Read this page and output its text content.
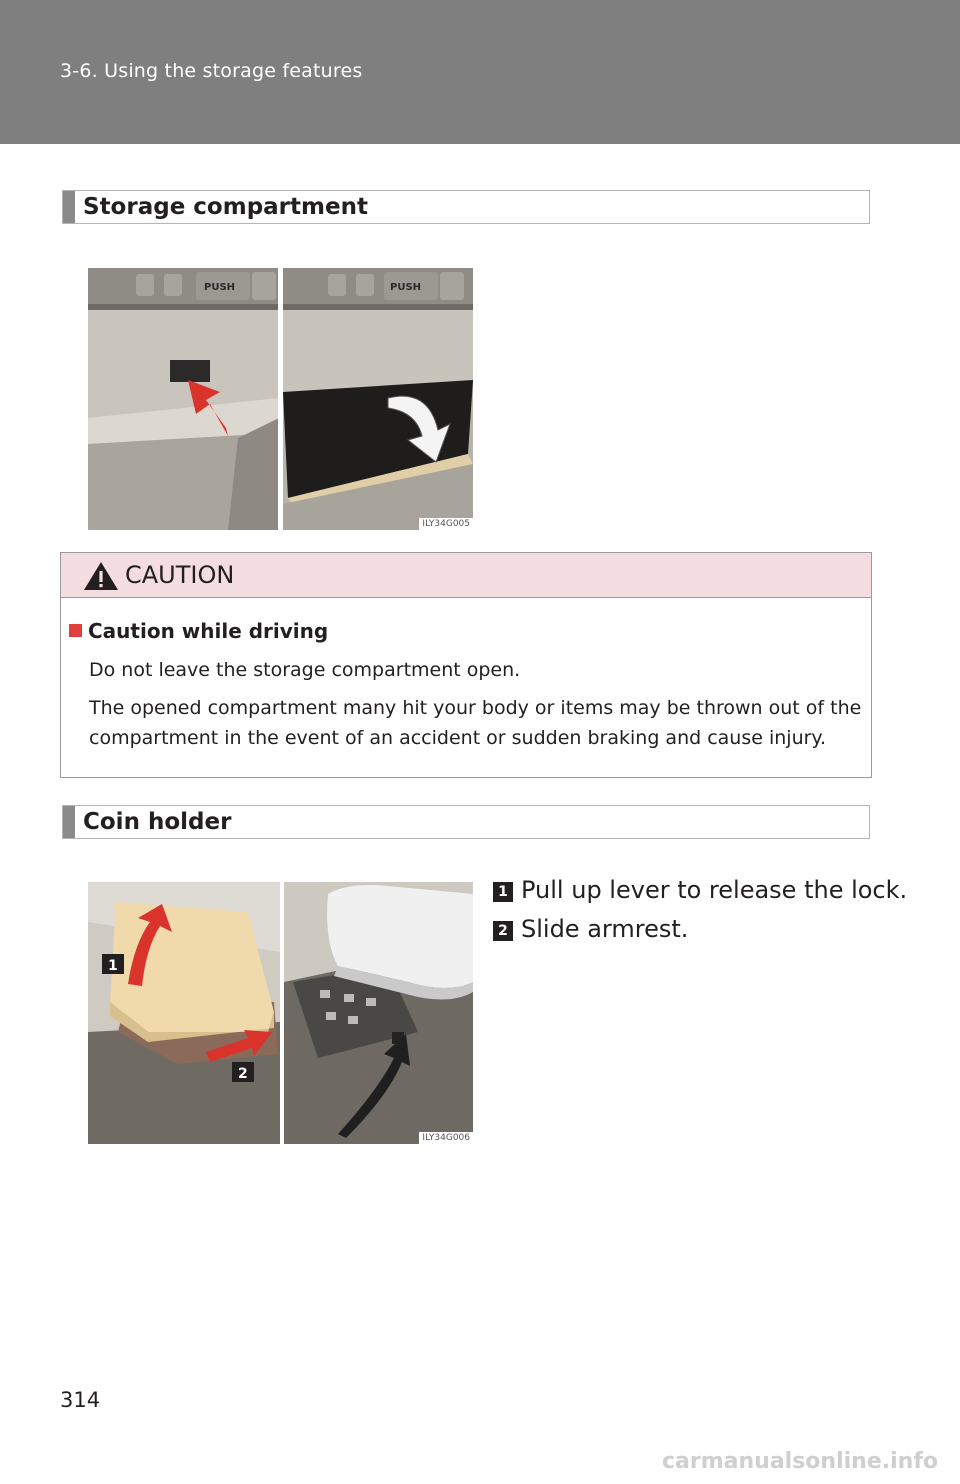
3-6. Using the storage features
Storage compartment
PUSH	PUSH
ILY34G005
CAUTION
Caution while driving
Do not leave the storage compartment open.
The opened compartment many hit your body or items may be thrown out of the compartment in the event of an accident or sudden braking and cause injury.
Coin holder
1
2
ILY34G006
1 Pull up lever to release the lock.
2 Slide armrest.
314
carmanualsonline.info
